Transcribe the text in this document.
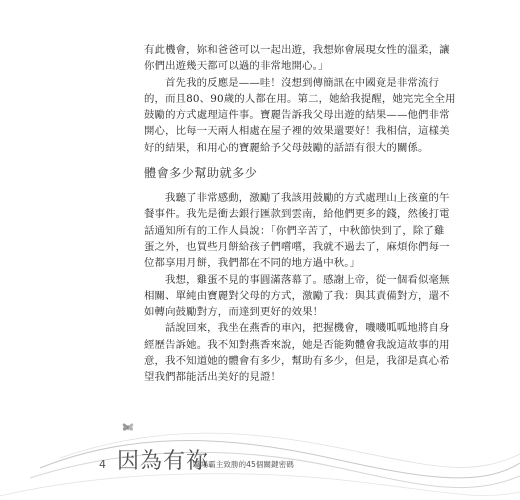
有此機會，妳和爸爸可以一起出遊，我想妳會展現女性的溫柔，讓
你們出遊幾天都可以過的非常地開心。」
首先我的反應是——哇！沒想到傳簡訊在中國竟是非常流行
的，而且80、90歲的人都在用。第二，她給我提醒，她完完全全用
鼓勵的方式處理這件事。寶麗告訴我父母出遊的結果——他們非常
開心，比每一天兩人相處在屋子裡的效果還要好！我相信，這樣美
好的結果，和用心的寶麗給予父母鼓勵的話語有很大的關係。
體會多少幫助就多少
我聽了非常感動，激勵了我該用鼓勵的方式處理山上孩童的午
餐事件。我先是衝去銀行匯款到雲南，給他們更多的錢，然後打電
話通知所有的工作人員說：「你們辛苦了，中秋節快到了，除了雞
蛋之外，也買些月餅給孩子們嚐嚐，我就不過去了，麻煩你們每一
位都享用月餅，我們都在不同的地方過中秋。」
我想，雞蛋不見的事圓滿落幕了。感謝上帝，從一個看似毫無
相關、單純由寶麗對父母的方式，激勵了我：與其責備對方，還不
如轉向鼓勵對方，而達到更好的效果！
話說回來，我坐在燕香的車內，把握機會，嘰嘰呱呱地將自身
經歷告訴她。我不知對燕香來說，她是否能夠體會我說這故事的用
意，我不知道她的體會有多少，幫助有多少，但是，我卻是真心希
望我們都能活出美好的見證！
4 因為有祢
職場霸主致勝的45個關鍵密碼
